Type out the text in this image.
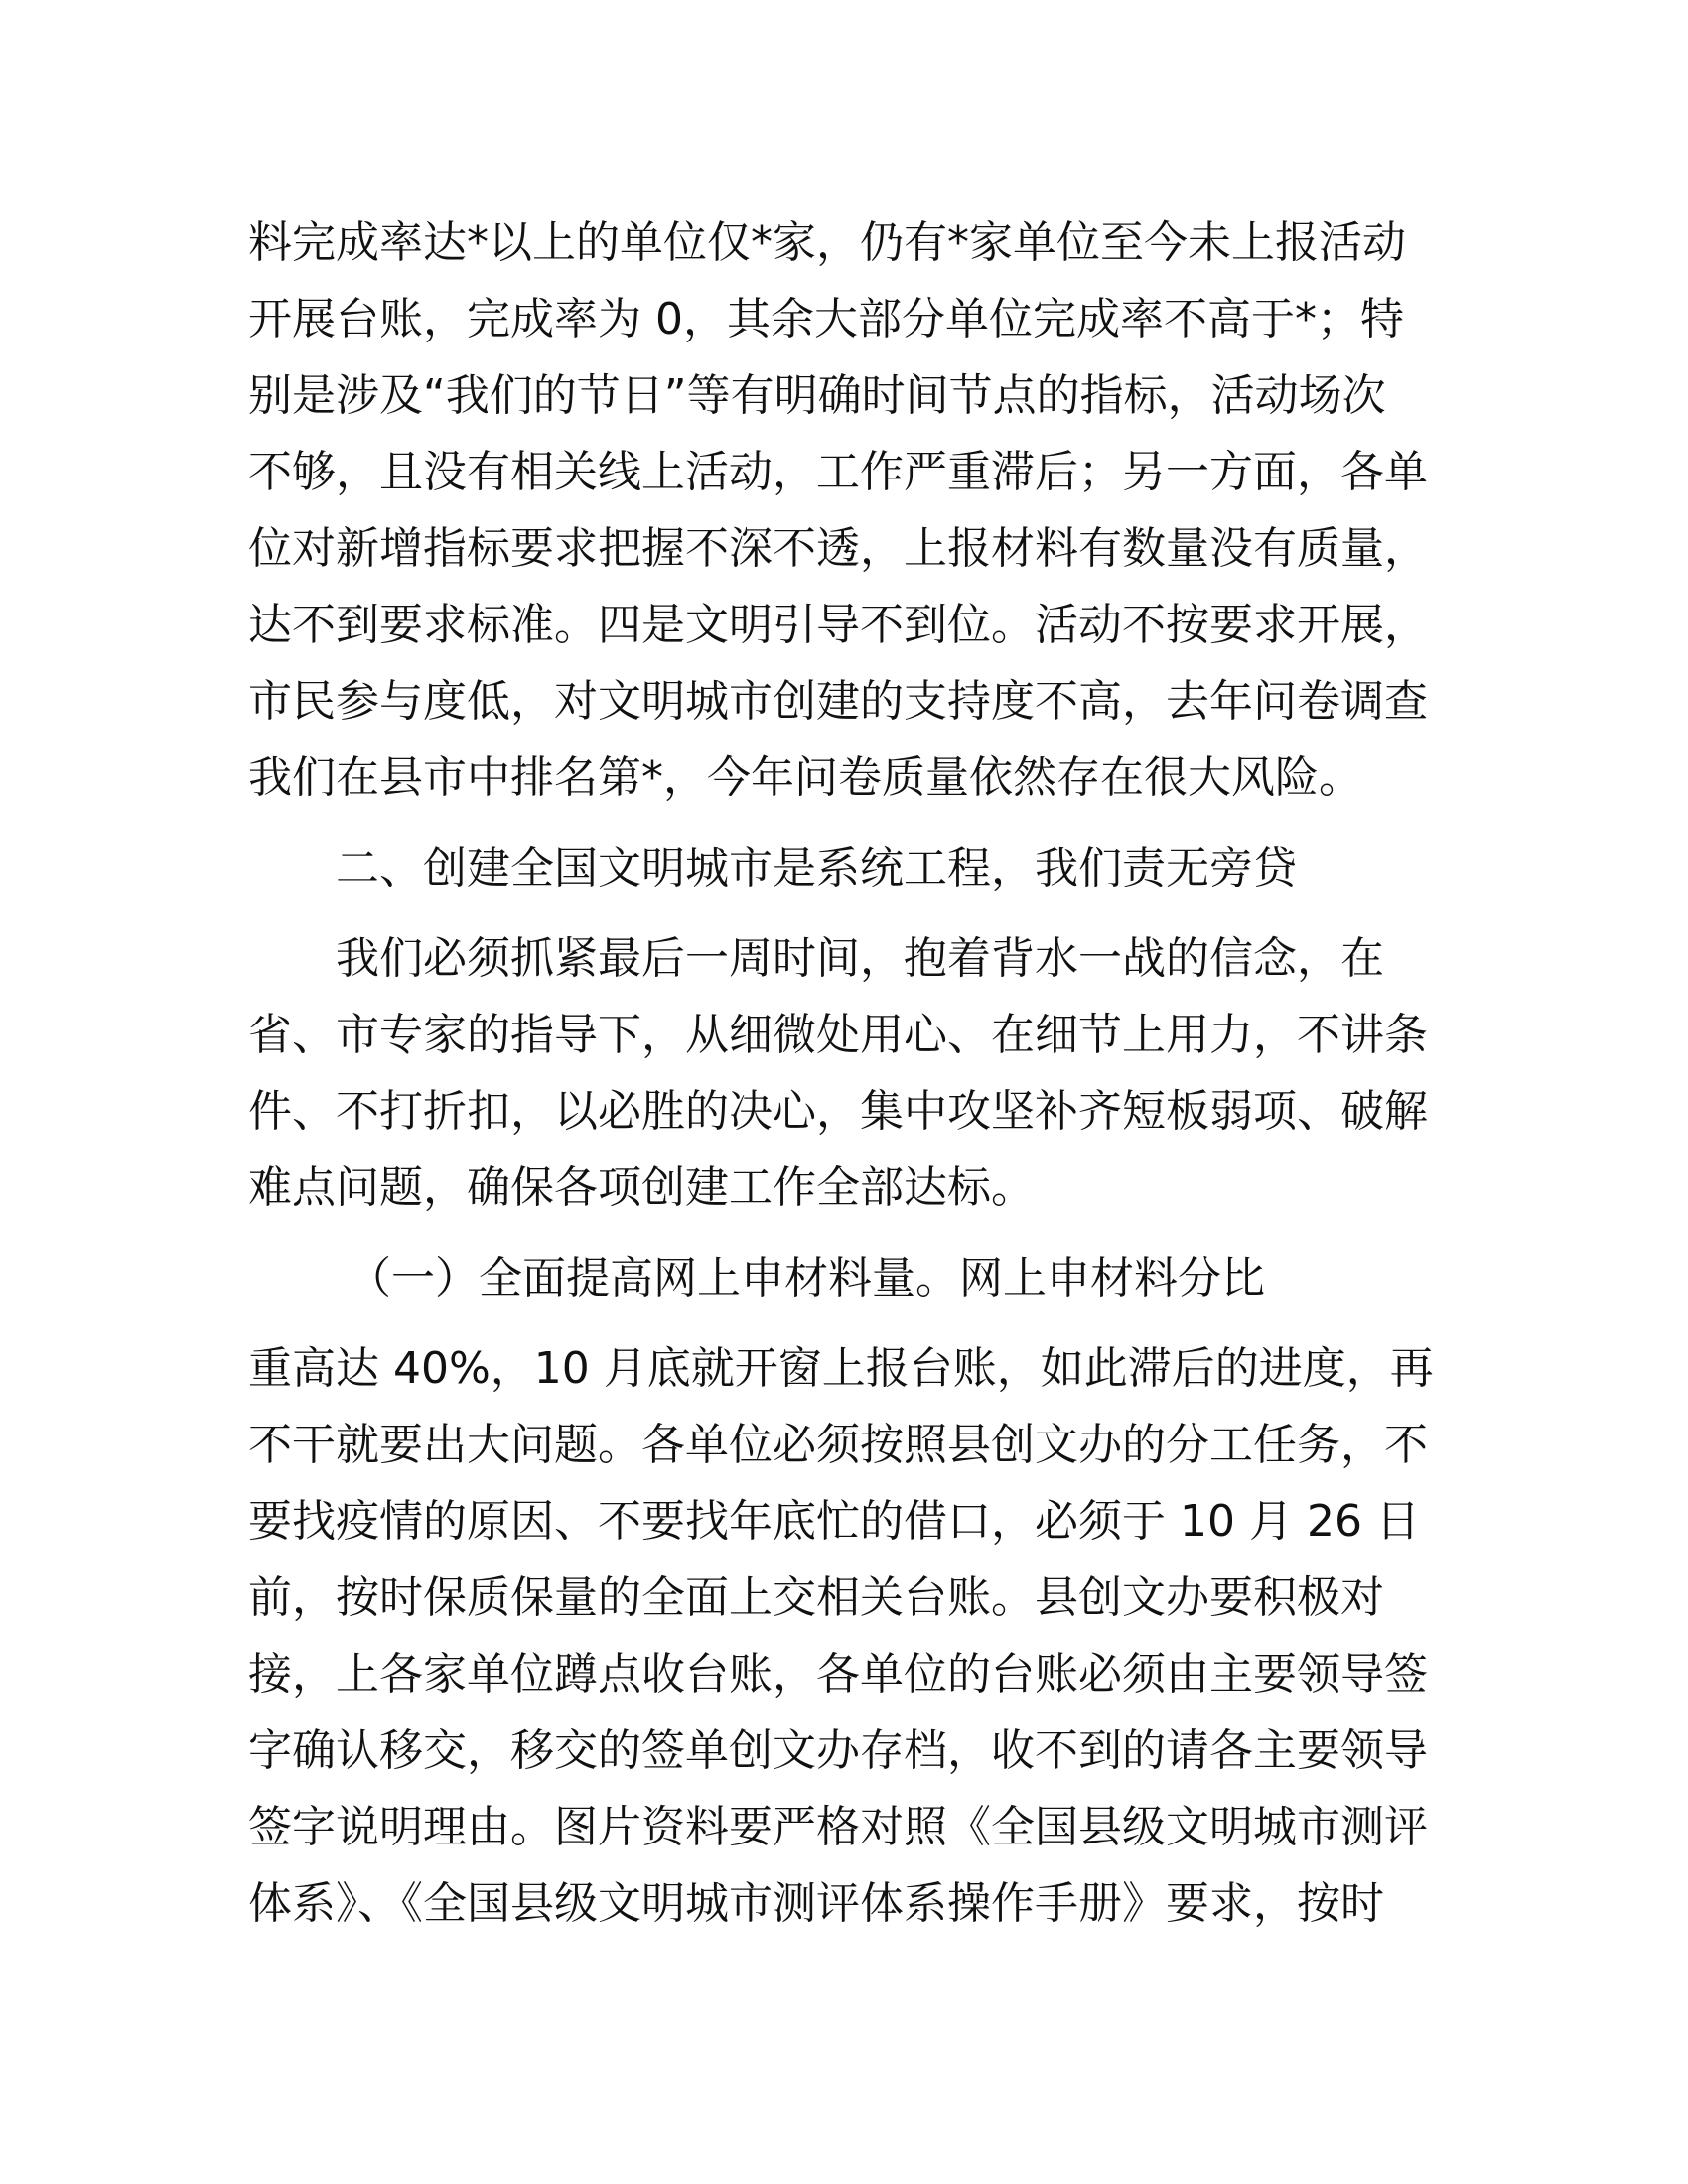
料完成率达*以上的单位仅*家，仍有*家单位至今未上报活动
开展台账，完成率为 0，其余大部分单位完成率不高于*；特
别是涉及“我们的节日”等有明确时间节点的指标，活动场次
不够，且没有相关线上活动，工作严重滞后；另一方面，各单
位对新增指标要求把握不深不透，上报材料有数量没有质量，
达不到要求标准。四是文明引导不到位。活动不按要求开展，
市民参与度低，对文明城市创建的支持度不高，去年问卷调查
我们在县市中排名第*，今年问卷质量依然存在很大风险。
二、创建全国文明城市是系统工程，我们责无旁贷
我们必须抓紧最后一周时间，抱着背水一战的信念，在
省、市专家的指导下，从细微处用心、在细节上用力，不讲条
件、不打折扣，以必胜的决心，集中攻坚补齐短板弱项、破解
难点问题，确保各项创建工作全部达标。
（一）全面提高网上申材料量。网上申材料分比
重高达 40%，10 月底就开窗上报台账，如此滞后的进度，再
不干就要出大问题。各单位必须按照县创文办的分工任务，不
要找疫情的原因、不要找年底忙的借口，必须于 10 月 26 日
前，按时保质保量的全面上交相关台账。县创文办要积极对
接，上各家单位蹲点收台账，各单位的台账必须由主要领导签
字确认移交，移交的签单创文办存档，收不到的请各主要领导
签字说明理由。图片资料要严格对照《全国县级文明城市测评
体系》、《全国县级文明城市测评体系操作手册》要求，按时
